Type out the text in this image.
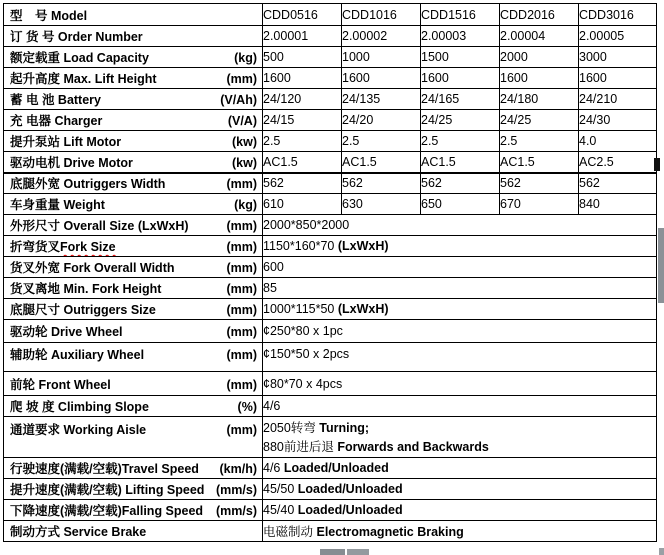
型　号 Model	CDD0516	CDD1016	CDD1516	CDD2016	CDD3016

订 货 号 Order Number	2.00001	2.00002	2.00003	2.00004	2.00005

额定载重 Load Capacity (kg)	500	1000	1500	2000	3000

起升高度 Max. Lift Height (mm)	1600	1600	1600	1600	1600

蓄 电 池 Battery (V/Ah)	24/120	24/135	24/165	24/180	24/210

充 电器 Charger (V/A)	24/15	24/20	24/25	24/25	24/30

提升泵站 Lift Motor (kw)	2.5	2.5	2.5	2.5	4.0

驱动电机 Drive Motor (kw)	AC1.5	AC1.5	AC1.5	AC1.5	AC2.5

底腿外宽 Outriggers Width (mm)	562	562	562	562	562

车身重量 Weight (kg)	610	630	650	670	840

外形尺寸 Overall Size (LxWxH) (mm)	2000*850*2000				

折弯货叉 Fork Size (mm)	1150*160*70 (LxWxH)				

货叉外宽 Fork Overall Width (mm)	600				

货叉离地 Min. Fork Height (mm)	85				

底腿尺寸 Outriggers Size (mm)	1000*115*50 (LxWxH)				

驱动轮 Drive Wheel (mm)	¢250*80 x 1pc				

辅助轮 Auxiliary Wheel (mm)	¢150*50 x 2pcs				

前轮 Front Wheel (mm)	¢80*70 x 4pcs				

爬 坡 度 Climbing Slope (%)	4/6				

通道要求 Working Aisle	(mm)	2050转弯 Turning;
880前进后退 Forwards and Backwards

行驶速度(满载/空载)Travel Speed (km/h)	4/6 Loaded/Unloaded				

提升速度(满载/空载) Lifting Speed (mm/s)	45/50 Loaded/Unloaded				

下降速度(满载/空载)Falling Speed (mm/s)	45/40 Loaded/Unloaded				

制动方式 Service Brake	电磁制动 Electromagnetic Braking				
